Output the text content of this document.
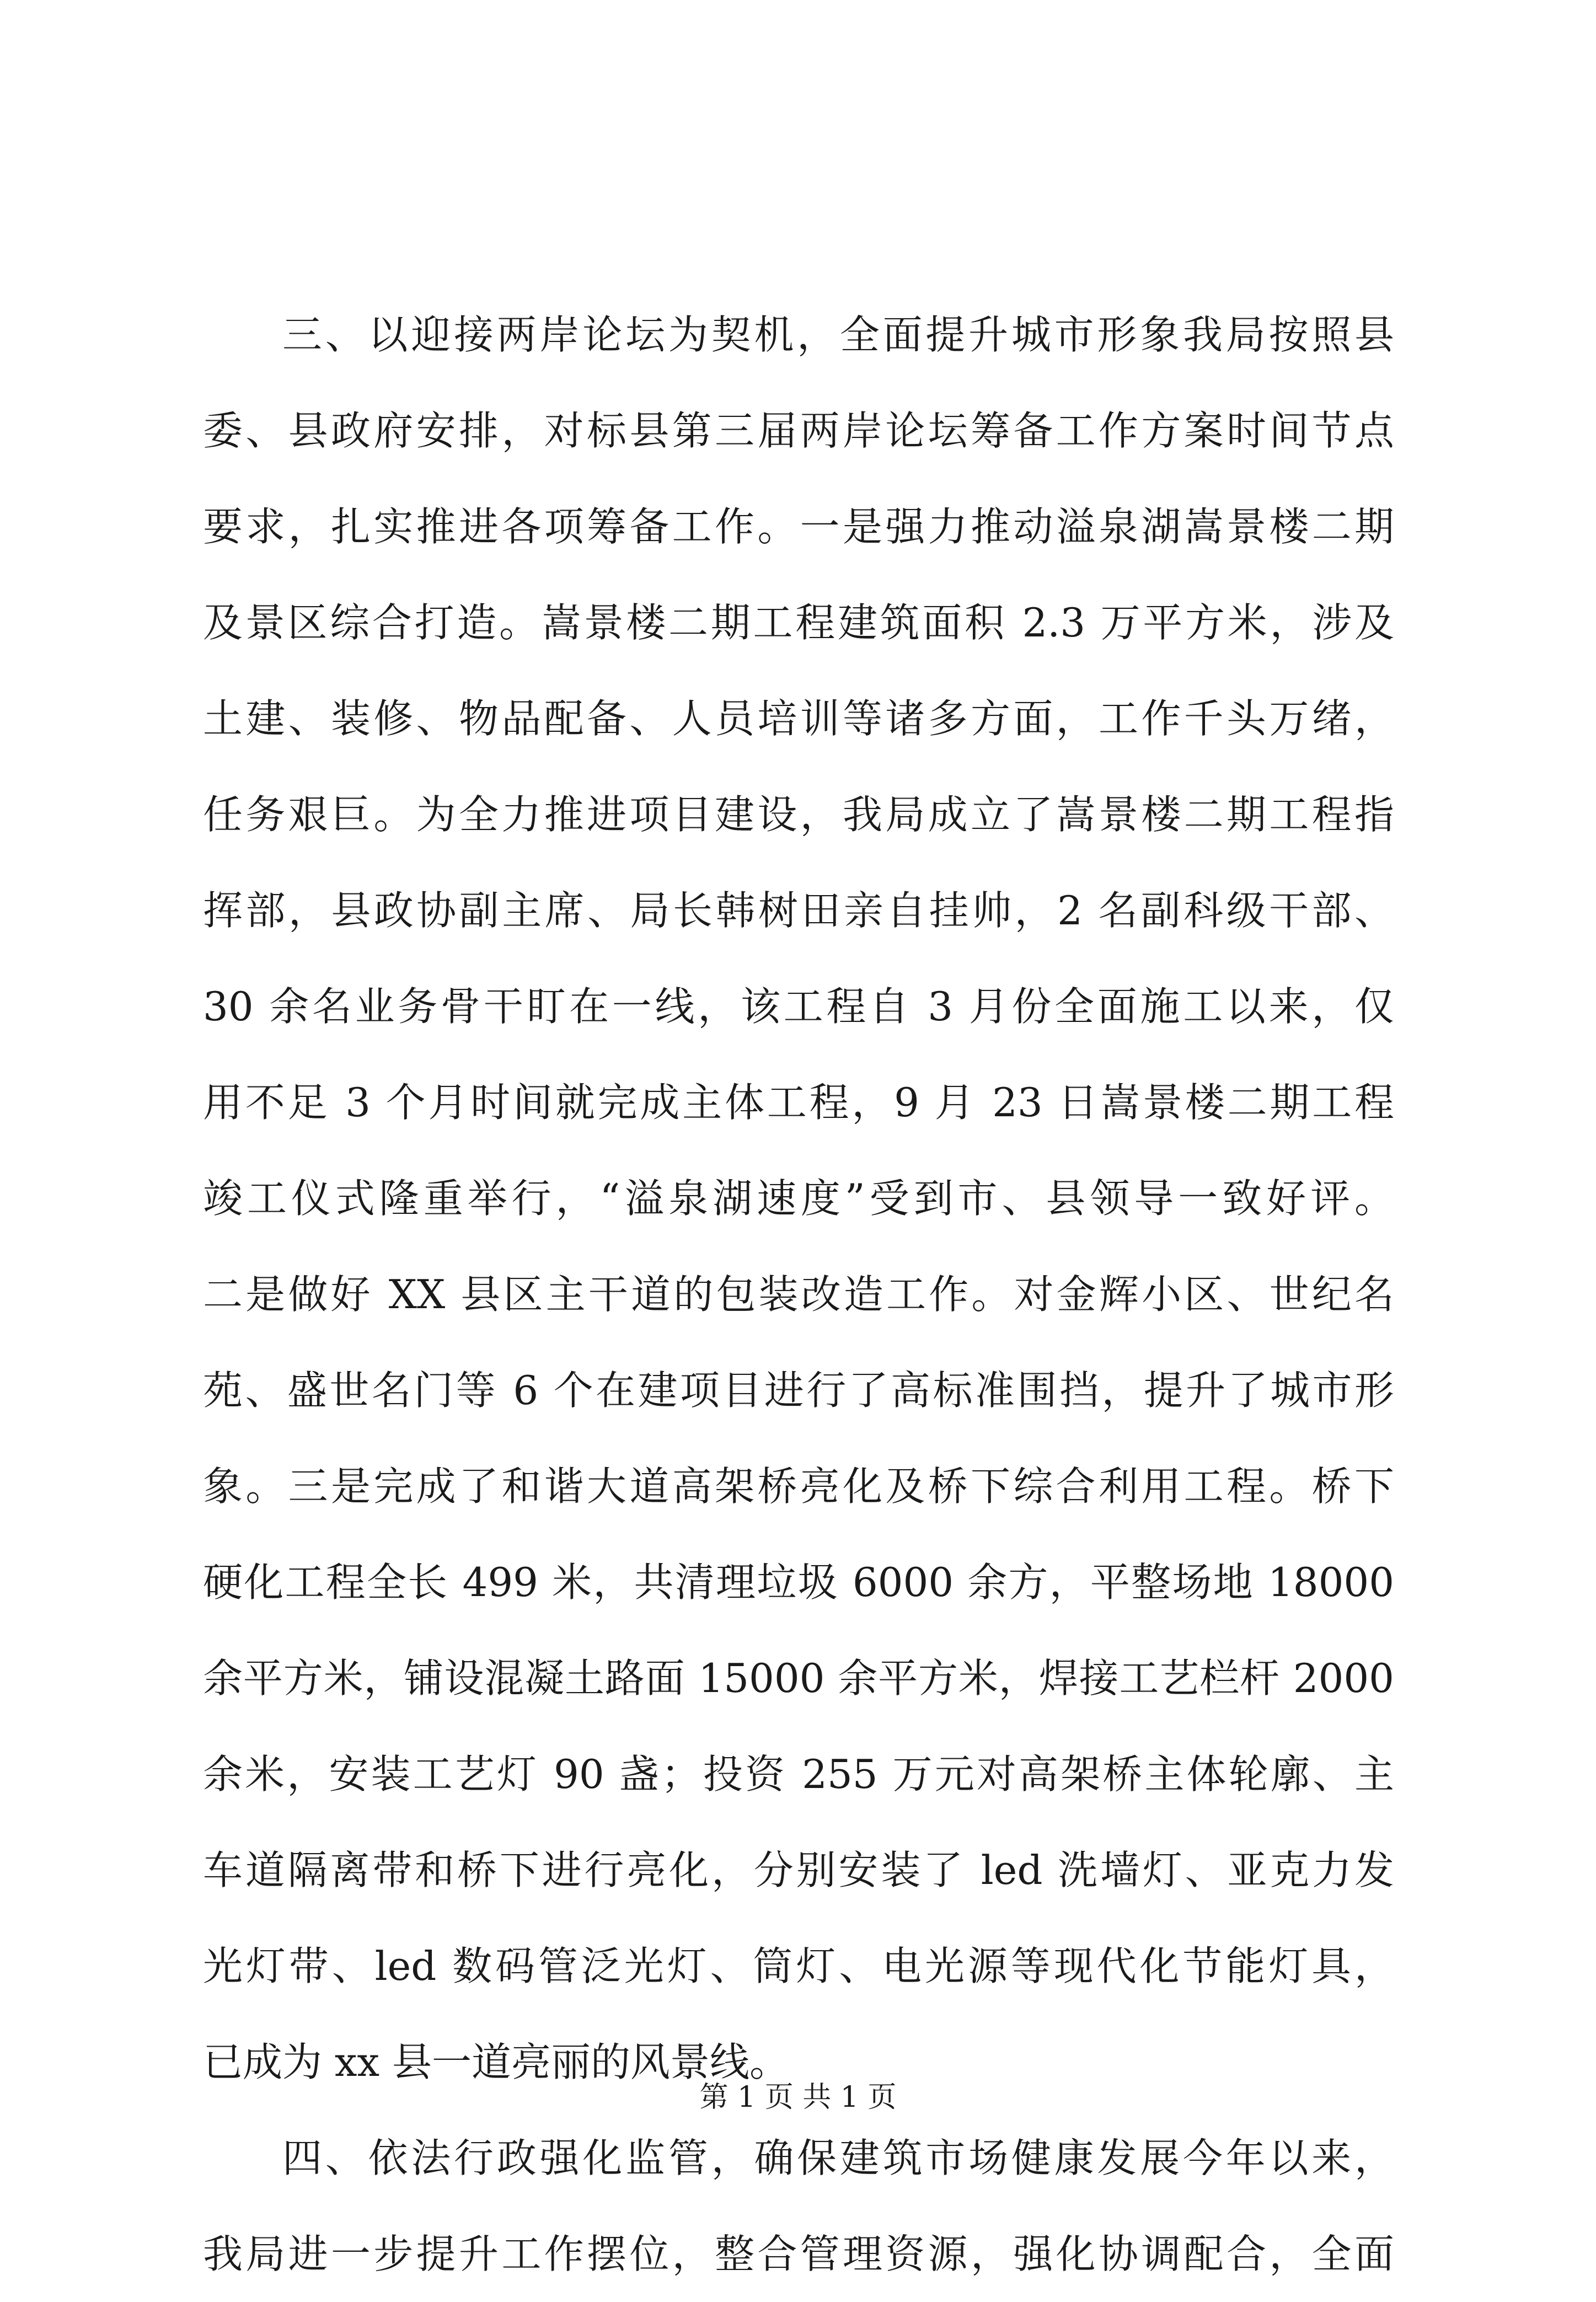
三、以迎接两岸论坛为契机，全面提升城市形象我局按照县
委、县政府安排，对标县第三届两岸论坛筹备工作方案时间节点
要求，扎实推进各项筹备工作。一是强力推动溢泉湖嵩景楼二期
及景区综合打造。嵩景楼二期工程建筑面积 2.3 万平方米，涉及
土建、装修、物品配备、人员培训等诸多方面，工作千头万绪，
任务艰巨。为全力推进项目建设，我局成立了嵩景楼二期工程指
挥部，县政协副主席、局长韩树田亲自挂帅，2 名副科级干部、
30 余名业务骨干盯在一线，该工程自 3 月份全面施工以来，仅
用不足 3 个月时间就完成主体工程，9 月 23 日嵩景楼二期工程
竣工仪式隆重举行，“溢泉湖速度”受到市、县领导一致好评。
二是做好 XX 县区主干道的包装改造工作。对金辉小区、世纪名
苑、盛世名门等 6 个在建项目进行了高标准围挡，提升了城市形
象。三是完成了和谐大道高架桥亮化及桥下综合利用工程。桥下
硬化工程全长 499 米，共清理垃圾 6000 余方，平整场地 18000
余平方米，铺设混凝土路面 15000 余平方米，焊接工艺栏杆 2000
余米，安装工艺灯 90 盏；投资 255 万元对高架桥主体轮廓、主
车道隔离带和桥下进行亮化，分别安装了 led 洗墙灯、亚克力发
光灯带、led 数码管泛光灯、筒灯、电光源等现代化节能灯具，
已成为 xx 县一道亮丽的风景线。
四、依法行政强化监管，确保建筑市场健康发展今年以来，
我局进一步提升工作摆位，整合管理资源，强化协调配合，全面
第 1 页 共 1 页
